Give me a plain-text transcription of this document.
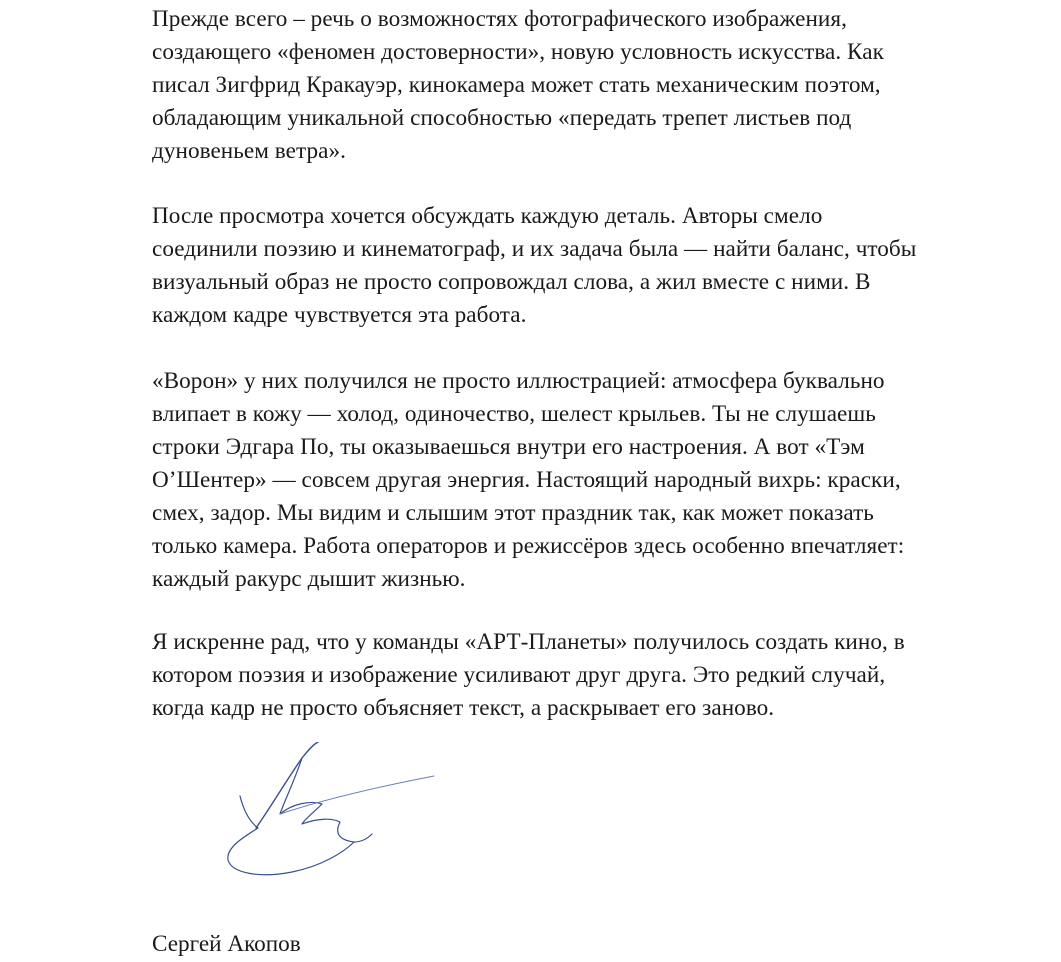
Прежде всего – речь о возможностях фотографического изображения,
создающего «феномен достоверности», новую условность искусства. Как
писал Зигфрид Кракауэр, кинокамера может стать механическим поэтом,
обладающим уникальной способностью «передать трепет листьев под
дуновеньем ветра».

После просмотра хочется обсуждать каждую деталь. Авторы смело
соединили поэзию и кинематограф, и их задача была — найти баланс, чтобы
визуальный образ не просто сопровождал слова, а жил вместе с ними. В
каждом кадре чувствуется эта работа.

«Ворон» у них получился не просто иллюстрацией: атмосфера буквально
влипает в кожу — холод, одиночество, шелест крыльев. Ты не слушаешь
строки Эдгара По, ты оказываешься внутри его настроения. А вот «Тэм
О’Шентер» — совсем другая энергия. Настоящий народный вихрь: краски,
смех, задор. Мы видим и слышим этот праздник так, как может показать
только камера. Работа операторов и режиссёров здесь особенно впечатляет:
каждый ракурс дышит жизнью.

Я искренне рад, что у команды «АРТ-Планеты» получилось создать кино, в
котором поэзия и изображение усиливают друг друга. Это редкий случай,
когда кадр не просто объясняет текст, а раскрывает его заново.

Сергей Акопов
